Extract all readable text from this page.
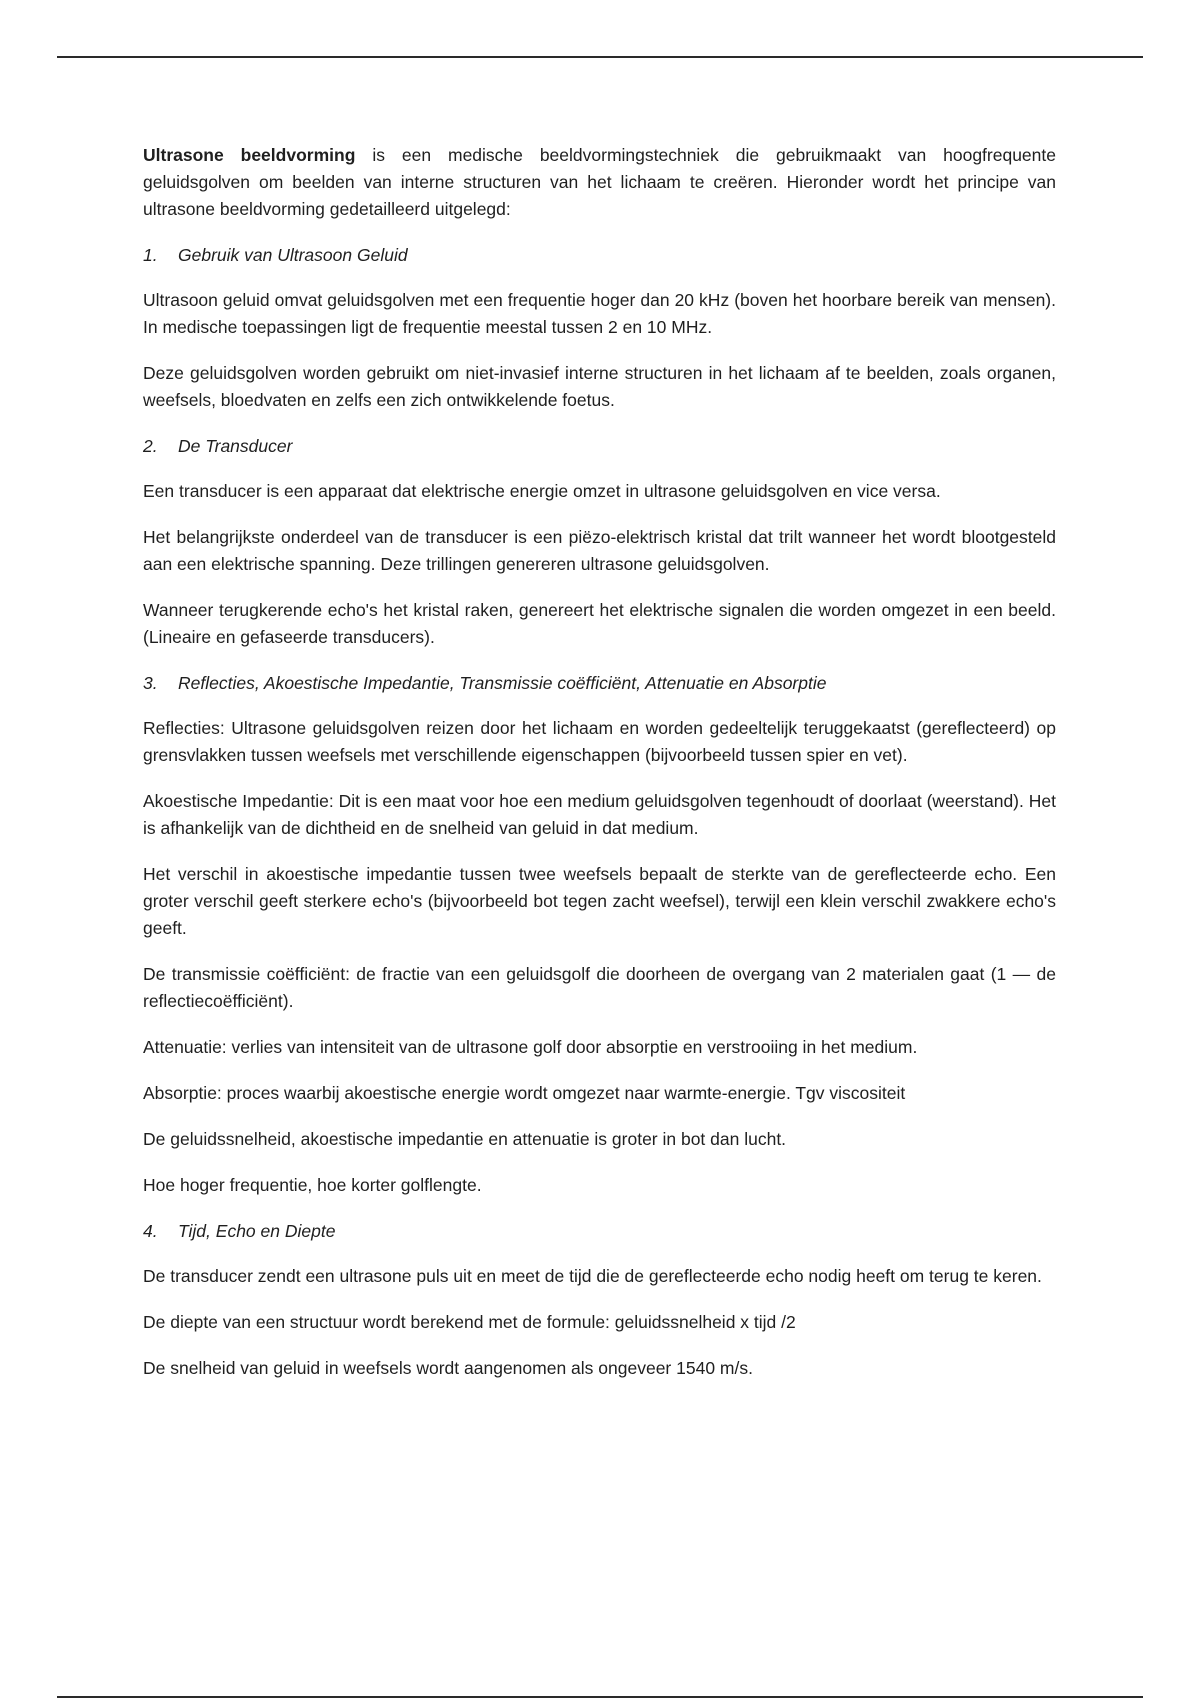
Ultrasone beeldvorming is een medische beeldvormingstechniek die gebruikmaakt van hoogfrequente geluidsgolven om beelden van interne structuren van het lichaam te creëren. Hieronder wordt het principe van ultrasone beeldvorming gedetailleerd uitgelegd:

1.	Gebruik van Ultrasoon Geluid

Ultrasoon geluid omvat geluidsgolven met een frequentie hoger dan 20 kHz (boven het hoorbare bereik van mensen). In medische toepassingen ligt de frequentie meestal tussen 2 en 10 MHz.

Deze geluidsgolven worden gebruikt om niet-invasief interne structuren in het lichaam af te beelden, zoals organen, weefsels, bloedvaten en zelfs een zich ontwikkelende foetus.

2.	De Transducer

Een transducer is een apparaat dat elektrische energie omzet in ultrasone geluidsgolven en vice versa.

Het belangrijkste onderdeel van de transducer is een piëzo-elektrisch kristal dat trilt wanneer het wordt blootgesteld aan een elektrische spanning. Deze trillingen genereren ultrasone geluidsgolven.

Wanneer terugkerende echo's het kristal raken, genereert het elektrische signalen die worden omgezet in een beeld. (Lineaire en gefaseerde transducers).

3.	Reflecties, Akoestische Impedantie, Transmissie coëfficiënt, Attenuatie en Absorptie

Reflecties: Ultrasone geluidsgolven reizen door het lichaam en worden gedeeltelijk teruggekaatst (gereflecteerd) op grensvlakken tussen weefsels met verschillende eigenschappen (bijvoorbeeld tussen spier en vet).

Akoestische Impedantie: Dit is een maat voor hoe een medium geluidsgolven tegenhoudt of doorlaat (weerstand). Het is afhankelijk van de dichtheid en de snelheid van geluid in dat medium.

Het verschil in akoestische impedantie tussen twee weefsels bepaalt de sterkte van de gereflecteerde echo. Een groter verschil geeft sterkere echo's (bijvoorbeeld bot tegen zacht weefsel), terwijl een klein verschil zwakkere echo's geeft.

De transmissie coëfficiënt: de fractie van een geluidsgolf die doorheen de overgang van 2 materialen gaat (1 — de reflectiecoëfficiënt).

Attenuatie: verlies van intensiteit van de ultrasone golf door absorptie en verstrooiing in het medium.

Absorptie: proces waarbij akoestische energie wordt omgezet naar warmte-energie. Tgv viscositeit

De geluidssnelheid, akoestische impedantie en attenuatie is groter in bot dan lucht.

Hoe hoger frequentie, hoe korter golflengte.

4.	Tijd, Echo en Diepte

De transducer zendt een ultrasone puls uit en meet de tijd die de gereflecteerde echo nodig heeft om terug te keren.

De diepte van een structuur wordt berekend met de formule: geluidssnelheid x tijd /2

De snelheid van geluid in weefsels wordt aangenomen als ongeveer 1540 m/s.
